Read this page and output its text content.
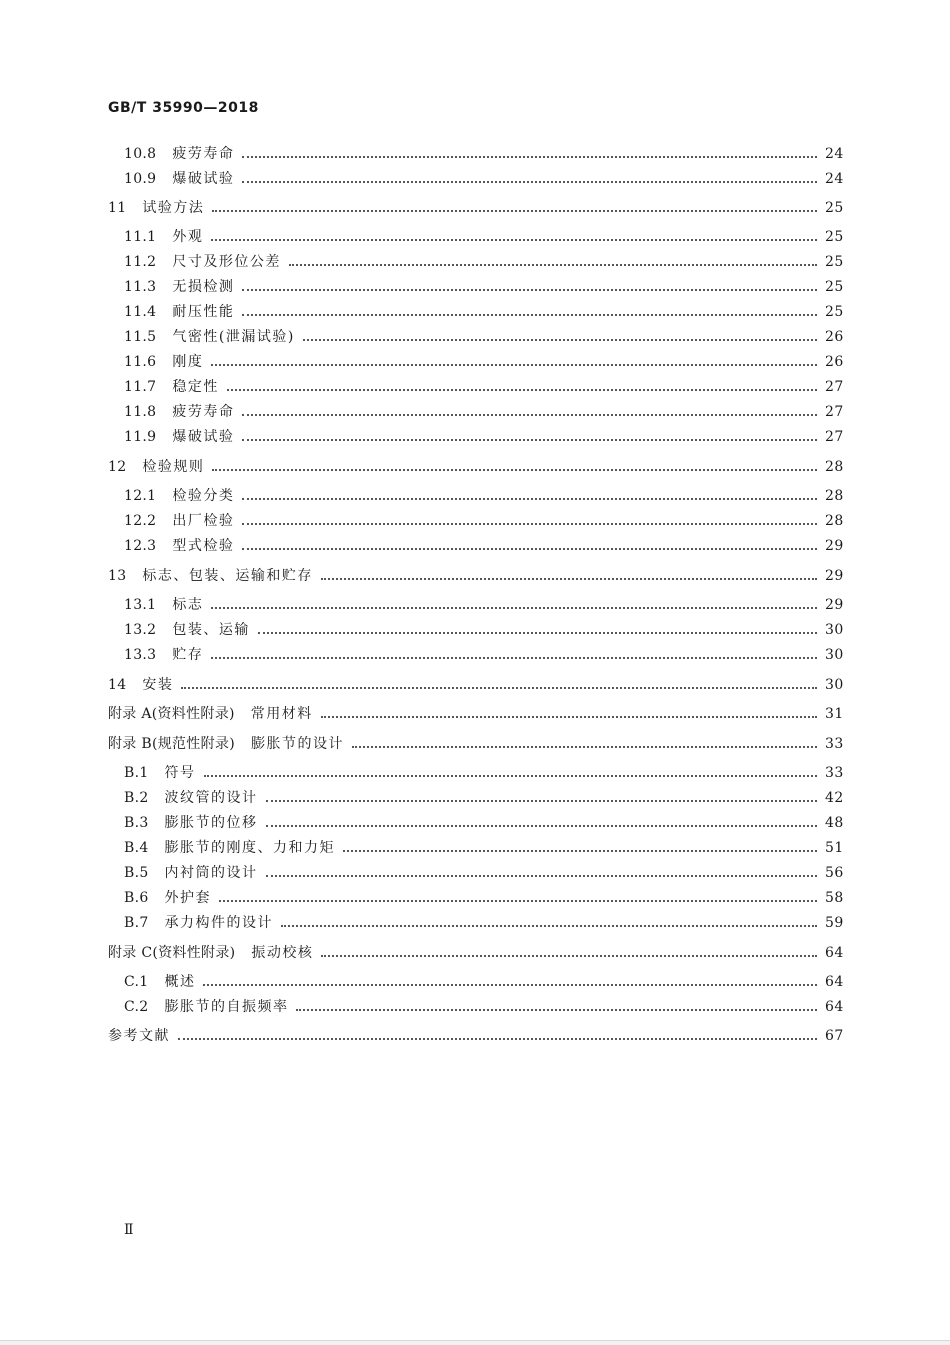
GB/T 35990—2018
10.8 疲劳寿命	24
10.9 爆破试验	24
11 试验方法	25
11.1 外观	25
11.2 尺寸及形位公差	25
11.3 无损检测	25
11.4 耐压性能	25
11.5 气密性(泄漏试验)	26
11.6 刚度	26
11.7 稳定性	27
11.8 疲劳寿命	27
11.9 爆破试验	27
12 检验规则	28
12.1 检验分类	28
12.2 出厂检验	28
12.3 型式检验	29
13 标志、包装、运输和贮存	29
13.1 标志	29
13.2 包装、运输	30
13.3 贮存	30
14 安装	30
附录 A(资料性附录) 常用材料	31
附录 B(规范性附录) 膨胀节的设计	33
B.1 符号	33
B.2 波纹管的设计	42
B.3 膨胀节的位移	48
B.4 膨胀节的刚度、力和力矩	51
B.5 内衬筒的设计	56
B.6 外护套	58
B.7 承力构件的设计	59
附录 C(资料性附录) 振动校核	64
C.1 概述	64
C.2 膨胀节的自振频率	64
参考文献	67
Ⅱ
